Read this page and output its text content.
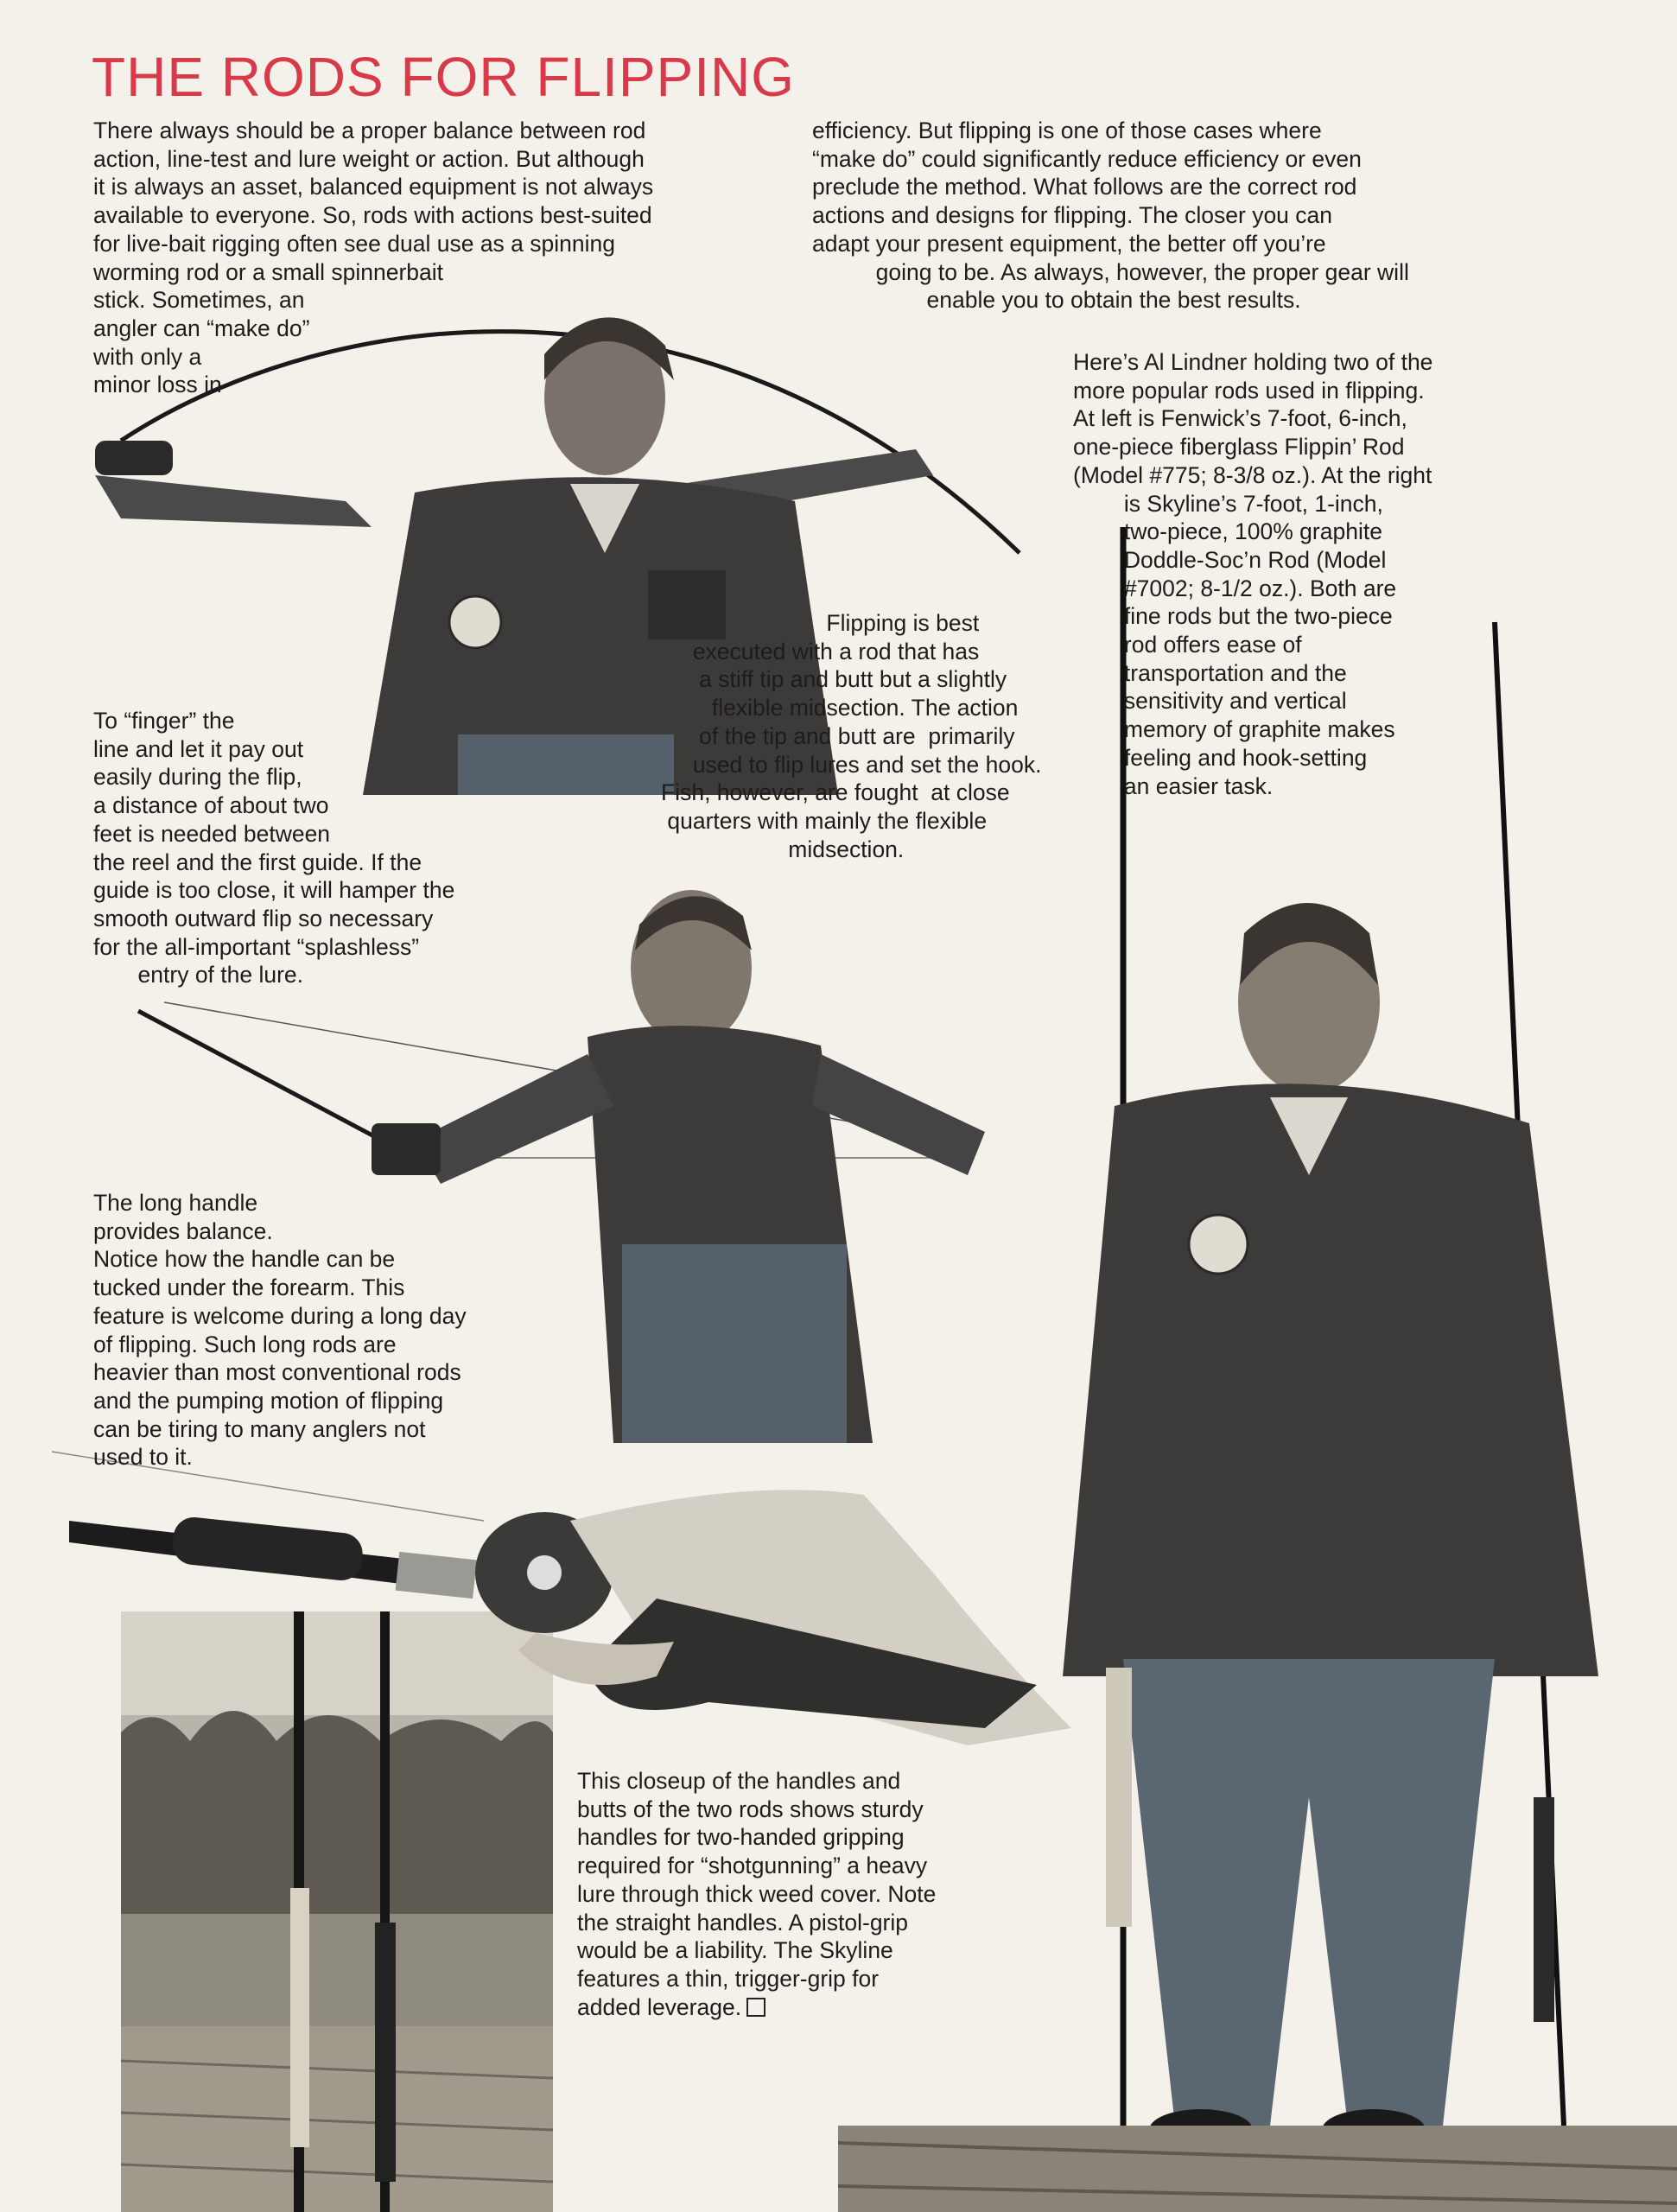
THE RODS FOR FLIPPING

There always should be a proper balance between rod
action, line-test and lure weight or action. But although
it is always an asset, balanced equipment is not always
available to everyone. So, rods with actions best-suited
for live-bait rigging often see dual use as a spinning
worming rod or a small spinnerbait
stick. Sometimes, an
angler can “make do”
with only a
minor loss in

efficiency. But flipping is one of those cases where
“make do” could significantly reduce efficiency or even
preclude the method. What follows are the correct rod
actions and designs for flipping. The closer you can
adapt your present equipment, the better off you’re
going to be. As always, however, the proper gear will
enable you to obtain the best results.

Here’s Al Lindner holding two of the
more popular rods used in flipping.
At left is Fenwick’s 7-foot, 6-inch,
one-piece fiberglass Flippin’ Rod
(Model #775; 8-3/8 oz.). At the right
is Skyline’s 7-foot, 1-inch,
two-piece, 100% graphite
Doddle-Soc’n Rod (Model
#7002; 8-1/2 oz.). Both are
fine rods but the two-piece
rod offers ease of
transportation and the
sensitivity and vertical
memory of graphite makes
feeling and hook-setting
an easier task.

Flipping is best
executed with a rod that has
a stiff tip and butt but a slightly
flexible midsection. The action
of the tip and butt are  primarily
used to flip lures and set the hook.
Fish, however, are fought  at close
quarters with mainly the flexible
midsection.

To “finger” the
line and let it pay out
easily during the flip,
a distance of about two
feet is needed between
the reel and the first guide. If the
guide is too close, it will hamper the
smooth outward flip so necessary
for the all-important “splashless”
entry of the lure.

The long handle
provides balance.
Notice how the handle can be
tucked under the forearm. This
feature is welcome during a long day
of flipping. Such long rods are
heavier than most conventional rods
and the pumping motion of flipping
can be tiring to many anglers not
used to it.

This closeup of the handles and
butts of the two rods shows sturdy
handles for two-handed gripping
required for “shotgunning” a heavy
lure through thick weed cover. Note
the straight handles. A pistol-grip
would be a liability. The Skyline
features a thin, trigger-grip for
added leverage.
